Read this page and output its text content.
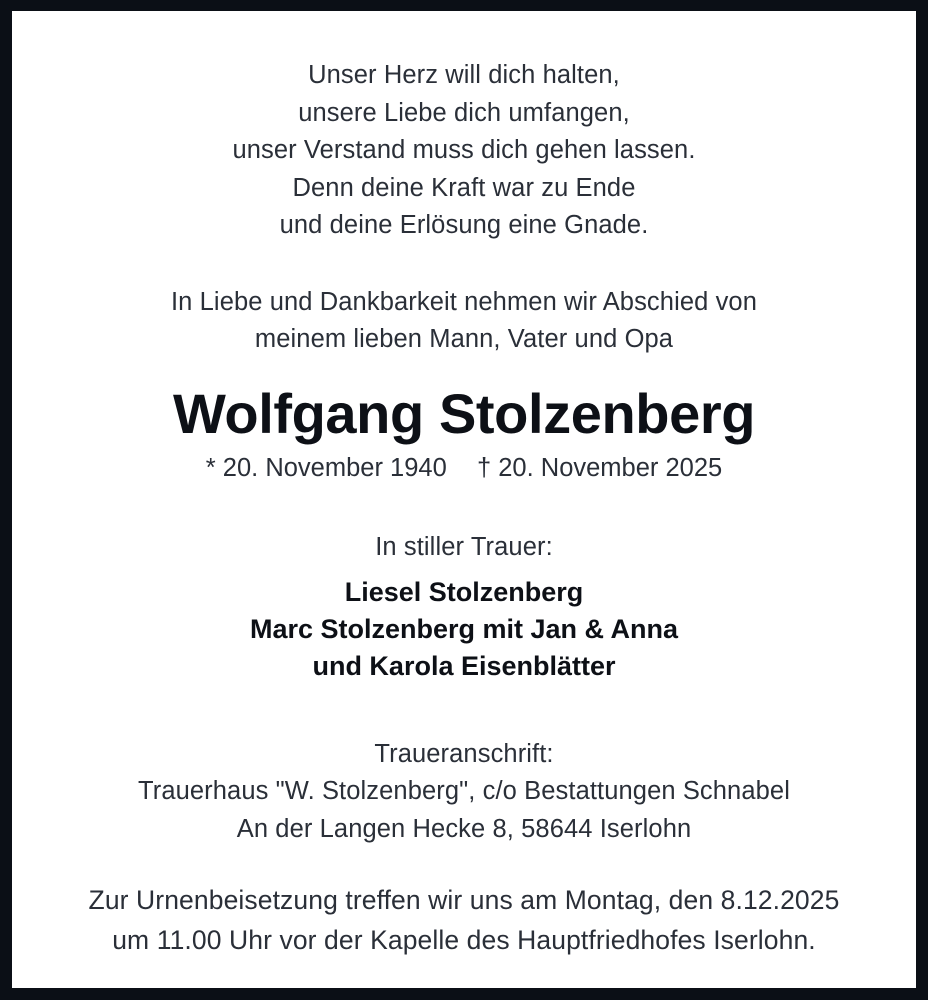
Unser Herz will dich halten,
unsere Liebe dich umfangen,
unser Verstand muss dich gehen lassen.
Denn deine Kraft war zu Ende
und deine Erlösung eine Gnade.
In Liebe und Dankbarkeit nehmen wir Abschied von
meinem lieben Mann, Vater und Opa
Wolfgang Stolzenberg
* 20. November 1940 † 20. November 2025
In stiller Trauer:
Liesel Stolzenberg
Marc Stolzenberg mit Jan & Anna
und Karola Eisenblätter
Traueranschrift:
Trauerhaus "W. Stolzenberg", c/o Bestattungen Schnabel
An der Langen Hecke 8, 58644 Iserlohn
Zur Urnenbeisetzung treffen wir uns am Montag, den 8.12.2025
um 11.00 Uhr vor der Kapelle des Hauptfriedhofes Iserlohn.
